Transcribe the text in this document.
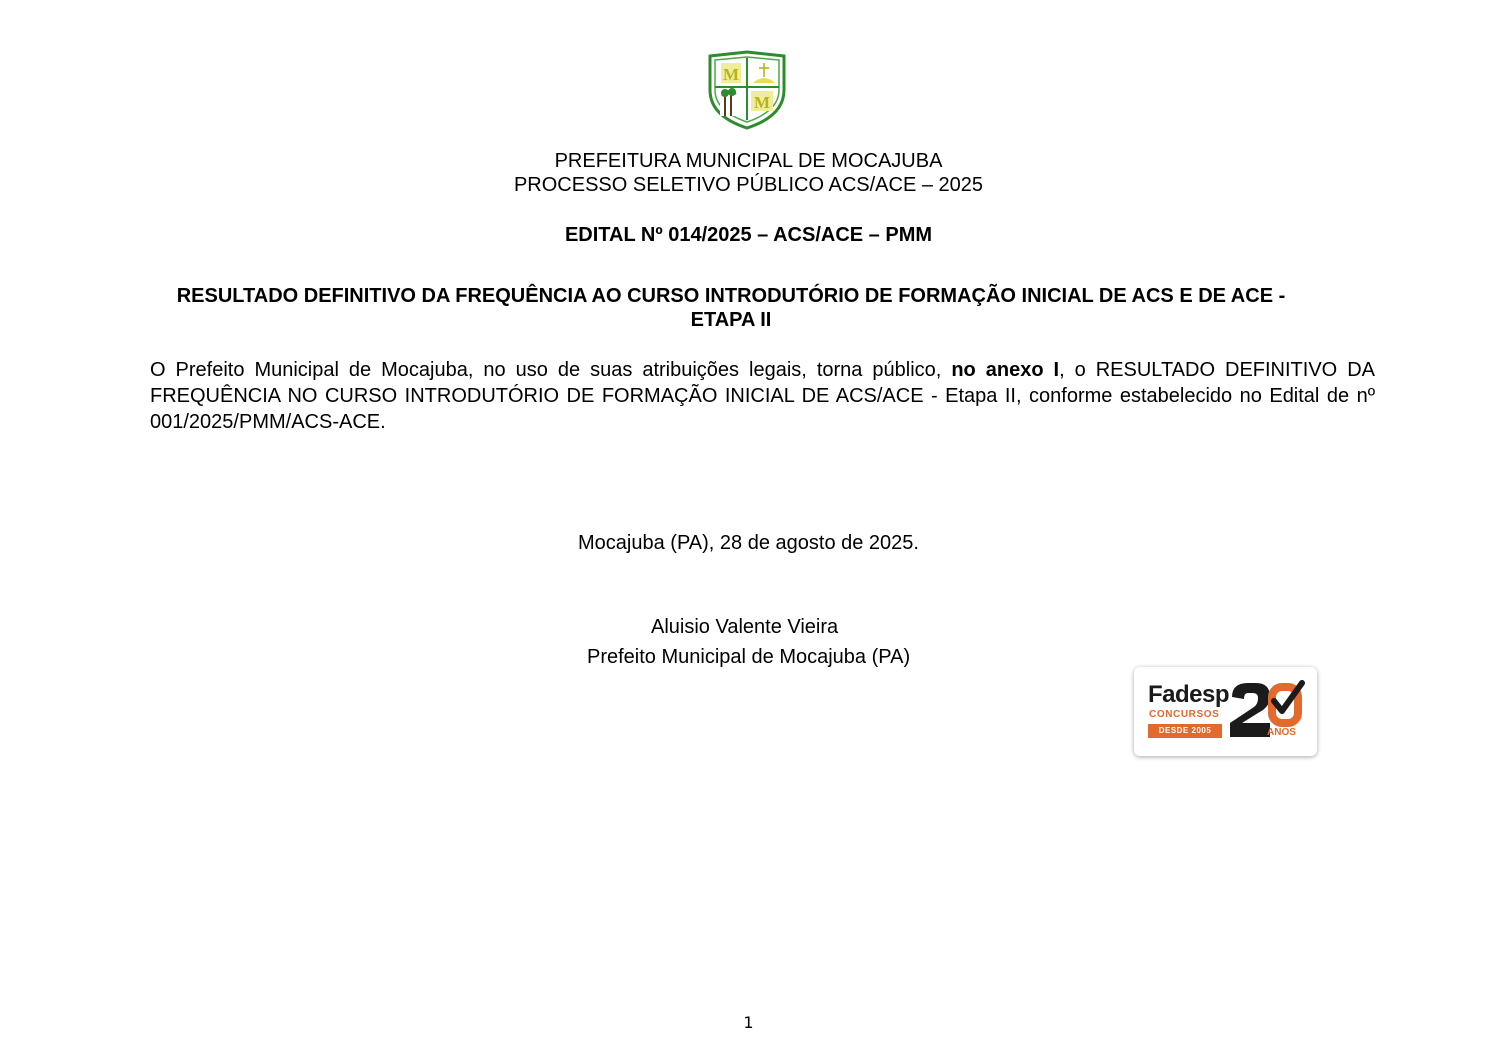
M
M
PREFEITURA MUNICIPAL DE MOCAJUBA
PROCESSO SELETIVO PÚBLICO ACS/ACE – 2025
EDITAL Nº 014/2025 – ACS/ACE – PMM
RESULTADO DEFINITIVO DA FREQUÊNCIA AO CURSO INTRODUTÓRIO DE FORMAÇÃO INICIAL DE ACS E DE ACE - ETAPA II
O Prefeito Municipal de Mocajuba, no uso de suas atribuições legais, torna público, no anexo I, o RESULTADO DEFINITIVO DA FREQUÊNCIA NO CURSO INTRODUTÓRIO DE FORMAÇÃO INICIAL DE ACS/ACE - Etapa II, conforme estabelecido no Edital de nº 001/2025/PMM/ACS-ACE.
Mocajuba (PA), 28 de agosto de 2025.
Aluisio Valente Vieira
Prefeito Municipal de Mocajuba (PA)
Fadesp
CONCURSOS
DESDE 2005	ANOS
1
